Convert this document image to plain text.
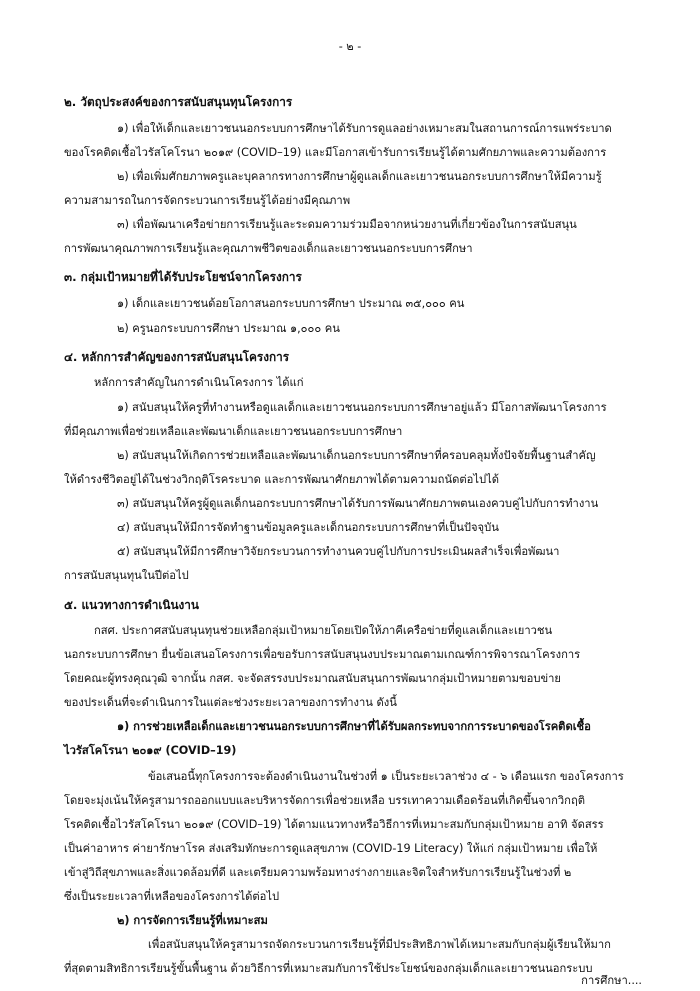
- ๒ -
๒. วัตถุประสงค์ของการสนับสนุนทุนโครงการ
๑) เพื่อให้เด็กและเยาวชนนอกระบบการศึกษาได้รับการดูแลอย่างเหมาะสมในสถานการณ์การแพร่ระบาด
ของโรคติดเชื้อไวรัสโคโรนา ๒๐๑๙ (COVID–19) และมีโอกาสเข้ารับการเรียนรู้ได้ตามศักยภาพและความต้องการ
๒) เพื่อเพิ่มศักยภาพครูและบุคลากรทางการศึกษาผู้ดูแลเด็กและเยาวชนนอกระบบการศึกษาให้มีความรู้
ความสามารถในการจัดกระบวนการเรียนรู้ได้อย่างมีคุณภาพ
๓) เพื่อพัฒนาเครือข่ายการเรียนรู้และระดมความร่วมมือจากหน่วยงานที่เกี่ยวข้องในการสนับสนุน
การพัฒนาคุณภาพการเรียนรู้และคุณภาพชีวิตของเด็กและเยาวชนนอกระบบการศึกษา
๓. กลุ่มเป้าหมายที่ได้รับประโยชน์จากโครงการ
๑) เด็กและเยาวชนด้อยโอกาสนอกระบบการศึกษา ประมาณ ๓๕,๐๐๐ คน
๒) ครูนอกระบบการศึกษา ประมาณ ๑,๐๐๐ คน
๔. หลักการสำคัญของการสนับสนุนโครงการ
หลักการสำคัญในการดำเนินโครงการ ได้แก่
๑) สนับสนุนให้ครูที่ทำงานหรือดูแลเด็กและเยาวชนนอกระบบการศึกษาอยู่แล้ว มีโอกาสพัฒนาโครงการ
ที่มีคุณภาพเพื่อช่วยเหลือและพัฒนาเด็กและเยาวชนนอกระบบการศึกษา
๒) สนับสนุนให้เกิดการช่วยเหลือและพัฒนาเด็กนอกระบบการศึกษาที่ครอบคลุมทั้งปัจจัยพื้นฐานสำคัญ
ให้ดำรงชีวิตอยู่ได้ในช่วงวิกฤติโรคระบาด และการพัฒนาศักยภาพได้ตามความถนัดต่อไปได้
๓) สนับสนุนให้ครูผู้ดูแลเด็กนอกระบบการศึกษาได้รับการพัฒนาศักยภาพตนเองควบคู่ไปกับการทำงาน
๔) สนับสนุนให้มีการจัดทำฐานข้อมูลครูและเด็กนอกระบบการศึกษาที่เป็นปัจจุบัน
๕) สนับสนุนให้มีการศึกษาวิจัยกระบวนการทำงานควบคู่ไปกับการประเมินผลสำเร็จเพื่อพัฒนา
การสนับสนุนทุนในปีต่อไป
๕. แนวทางการดำเนินงาน
กสศ. ประกาศสนับสนุนทุนช่วยเหลือกลุ่มเป้าหมายโดยเปิดให้ภาคีเครือข่ายที่ดูแลเด็กและเยาวชน
นอกระบบการศึกษา ยื่นข้อเสนอโครงการเพื่อขอรับการสนับสนุนงบประมาณตามเกณฑ์การพิจารณาโครงการ
โดยคณะผู้ทรงคุณวุฒิ จากนั้น กสศ. จะจัดสรรงบประมาณสนับสนุนการพัฒนากลุ่มเป้าหมายตามขอบข่าย
ของประเด็นที่จะดำเนินการในแต่ละช่วงระยะเวลาของการทำงาน ดังนี้
๑) การช่วยเหลือเด็กและเยาวชนนอกระบบการศึกษาที่ได้รับผลกระทบจากการระบาดของโรคติดเชื้อ
ไวรัสโคโรนา ๒๐๑๙ (COVID–19)
ข้อเสนอนี้ทุกโครงการจะต้องดำเนินงานในช่วงที่ ๑ เป็นระยะเวลาช่วง ๔ - ๖ เดือนแรก ของโครงการ
โดยจะมุ่งเน้นให้ครูสามารถออกแบบและบริหารจัดการเพื่อช่วยเหลือ บรรเทาความเดือดร้อนที่เกิดขึ้นจากวิกฤติ
โรคติดเชื้อไวรัสโคโรนา ๒๐๑๙ (COVID–19) ได้ตามแนวทางหรือวิธีการที่เหมาะสมกับกลุ่มเป้าหมาย อาทิ จัดสรร
เป็นค่าอาหาร ค่ายารักษาโรค ส่งเสริมทักษะการดูแลสุขภาพ (COVID-19 Literacy) ให้แก่ กลุ่มเป้าหมาย เพื่อให้
เข้าสู่วิถีสุขภาพและสิ่งแวดล้อมที่ดี และเตรียมความพร้อมทางร่างกายและจิตใจสำหรับการเรียนรู้ในช่วงที่ ๒
ซึ่งเป็นระยะเวลาที่เหลือของโครงการได้ต่อไป
๒) การจัดการเรียนรู้ที่เหมาะสม
เพื่อสนับสนุนให้ครูสามารถจัดกระบวนการเรียนรู้ที่มีประสิทธิภาพได้เหมาะสมกับกลุ่มผู้เรียนให้มาก
ที่สุดตามสิทธิการเรียนรู้ขั้นพื้นฐาน ด้วยวิธีการที่เหมาะสมกับการใช้ประโยชน์ของกลุ่มเด็กและเยาวชนนอกระบบ
การศึกษา....
